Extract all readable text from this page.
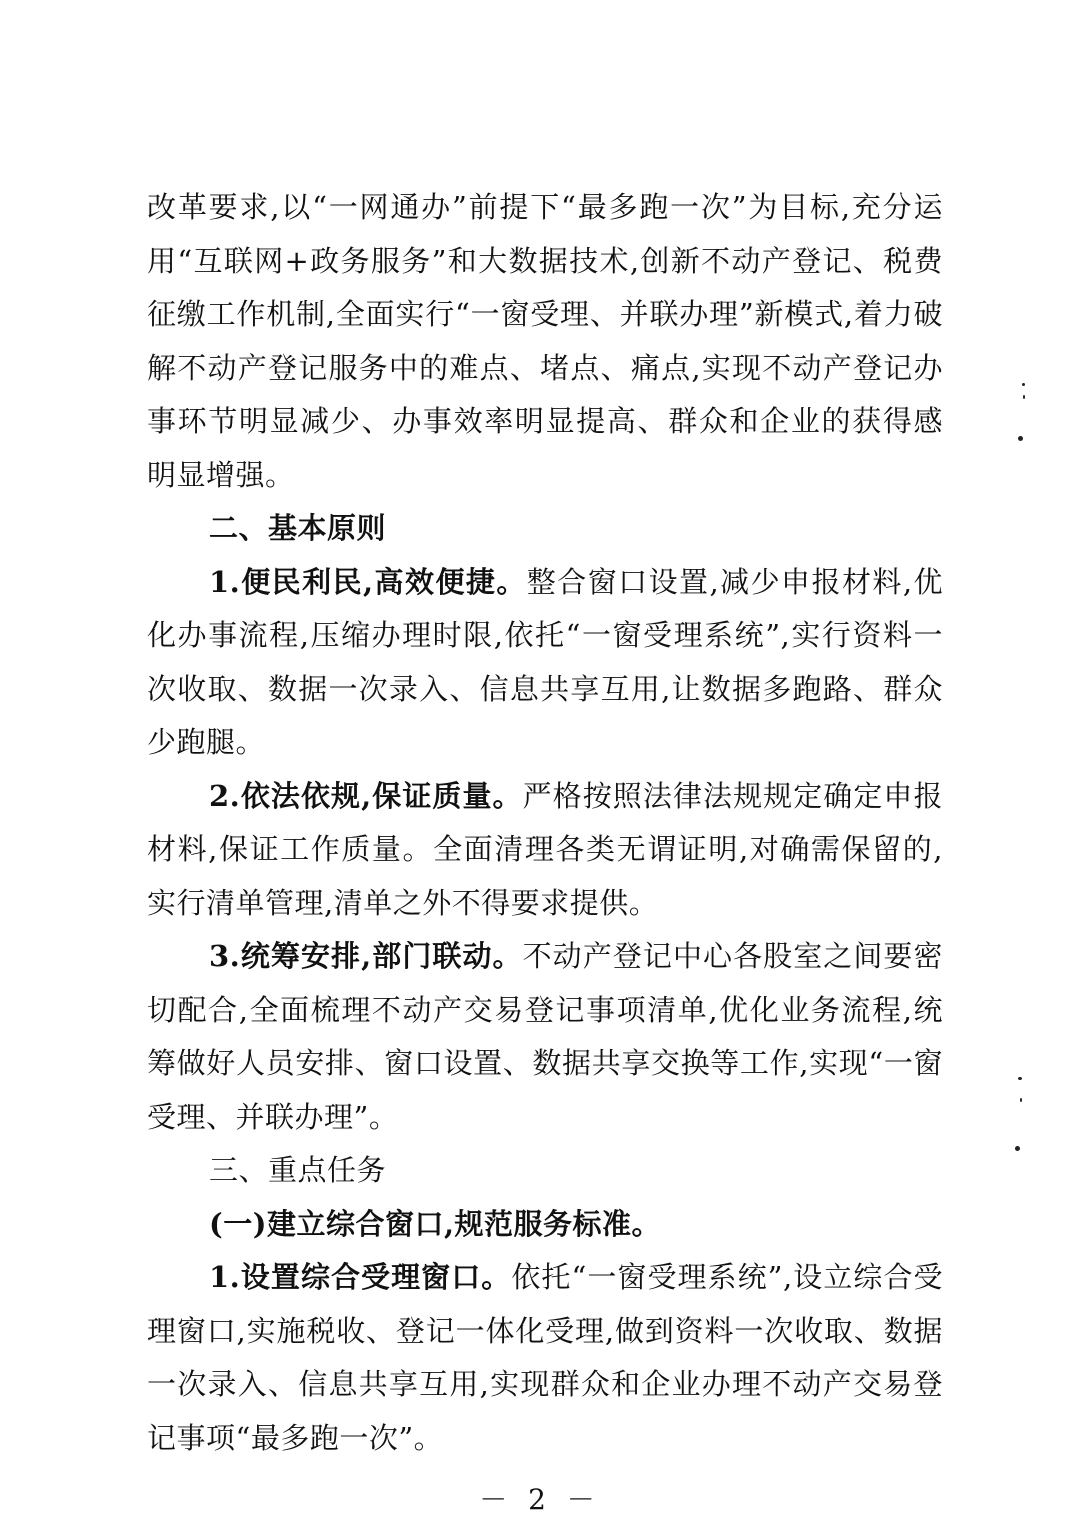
改革要求,以“一网通办”前提下“最多跑一次”为目标,充分运用“互联网+政务服务”和大数据技术,创新不动产登记、税费征缴工作机制,全面实行“一窗受理、并联办理”新模式,着力破解不动产登记服务中的难点、堵点、痛点,实现不动产登记办事环节明显减少、办事效率明显提高、群众和企业的获得感明显增强。

二、基本原则

1.便民利民,高效便捷。整合窗口设置,减少申报材料,优化办事流程,压缩办理时限,依托“一窗受理系统”,实行资料一次收取、数据一次录入、信息共享互用,让数据多跑路、群众少跑腿。

2.依法依规,保证质量。严格按照法律法规规定确定申报材料,保证工作质量。全面清理各类无谓证明,对确需保留的,实行清单管理,清单之外不得要求提供。

3.统筹安排,部门联动。不动产登记中心各股室之间要密切配合,全面梳理不动产交易登记事项清单,优化业务流程,统筹做好人员安排、窗口设置、数据共享交换等工作,实现“一窗受理、并联办理”。

三、重点任务

(一)建立综合窗口,规范服务标准。

1.设置综合受理窗口。依托“一窗受理系统”,设立综合受理窗口,实施税收、登记一体化受理,做到资料一次收取、数据一次录入、信息共享互用,实现群众和企业办理不动产交易登记事项“最多跑一次”。

－ 2 －
